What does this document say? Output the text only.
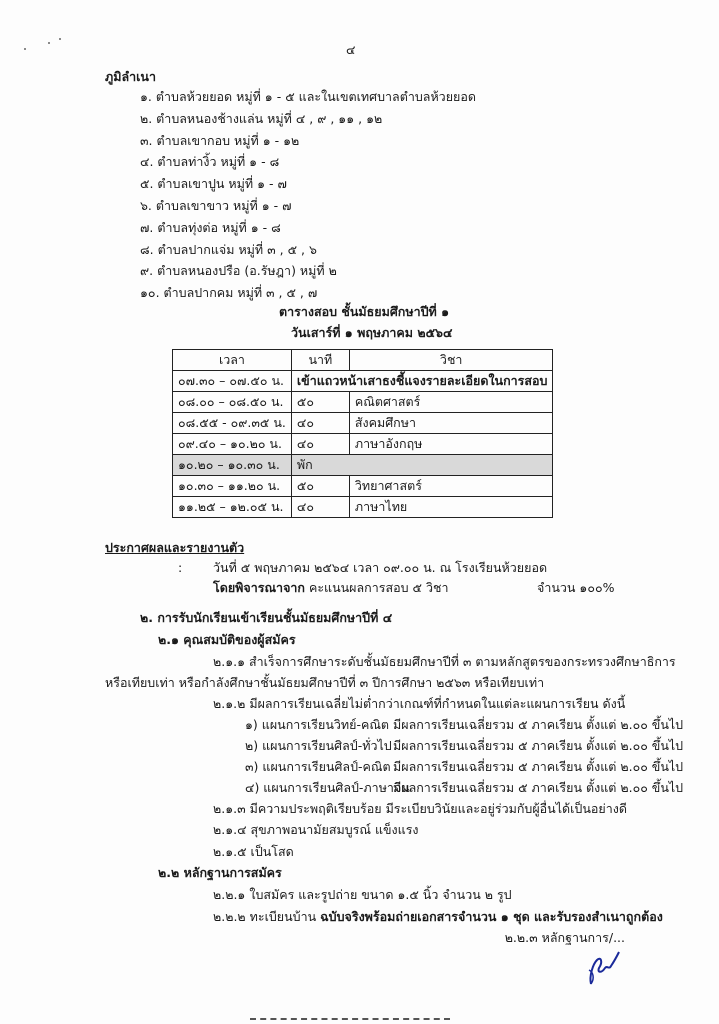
๔
ภูมิลำเนา
๑. ตำบลห้วยยอด หมู่ที่ ๑ - ๕ และในเขตเทศบาลตำบลห้วยยอด
๒. ตำบลหนองช้างแล่น หมู่ที่ ๔ , ๙ , ๑๑ , ๑๒
๓. ตำบลเขากอบ หมู่ที่ ๑ - ๑๒
๔. ตำบลท่างิ้ว หมู่ที่ ๑ - ๘
๕. ตำบลเขาปูน หมู่ที่ ๑ - ๗
๖. ตำบลเขาขาว หมู่ที่ ๑ - ๗
๗. ตำบลทุ่งต่อ หมู่ที่ ๑ - ๘
๘. ตำบลปากแจ่ม หมู่ที่ ๓ , ๕ , ๖
๙. ตำบลหนองปรือ (อ.รัษฎา) หมู่ที่ ๒
๑๐. ตำบลปากคม หมู่ที่ ๓ , ๕ , ๗
ตารางสอบ ชั้นมัธยมศึกษาปีที่ ๑
วันเสาร์ที่ ๑ พฤษภาคม ๒๕๖๔
เวลา	นาที	วิชา
๐๗.๓๐ – ๐๗.๕๐ น.	เข้าแถวหน้าเสาธงชี้แจงรายละเอียดในการสอบ	
๐๘.๐๐ – ๐๘.๕๐ น.	๕๐	คณิตศาสตร์
๐๘.๕๕ - ๐๙.๓๕ น.	๔๐	สังคมศึกษา
๐๙.๔๐ – ๑๐.๒๐ น.	๔๐	ภาษาอังกฤษ
๑๐.๒๐ – ๑๐.๓๐ น.	พัก	
๑๐.๓๐ – ๑๑.๒๐ น.	๕๐	วิทยาศาสตร์
๑๑.๒๕ – ๑๒.๐๕ น.	๔๐	ภาษาไทย
ประกาศผลและรายงานตัว
: วันที่ ๕ พฤษภาคม ๒๕๖๔ เวลา ๐๙.๐๐ น. ณ โรงเรียนห้วยยอด
โดยพิจารณาจาก คะแนนผลการสอบ ๕ วิชา	จำนวน ๑๐๐%
๒. การรับนักเรียนเข้าเรียนชั้นมัธยมศึกษาปีที่ ๔
๒.๑ คุณสมบัติของผู้สมัคร
๒.๑.๑ สำเร็จการศึกษาระดับชั้นมัธยมศึกษาปีที่ ๓ ตามหลักสูตรของกระทรวงศึกษาธิการ
หรือเทียบเท่า หรือกำลังศึกษาชั้นมัธยมศึกษาปีที่ ๓ ปีการศึกษา ๒๕๖๓ หรือเทียบเท่า
๒.๑.๒ มีผลการเรียนเฉลี่ยไม่ต่ำกว่าเกณฑ์ที่กำหนดในแต่ละแผนการเรียน ดังนี้
๑) แผนการเรียนวิทย์-คณิต มีผลการเรียนเฉลี่ยรวม ๕ ภาคเรียน ตั้งแต่ ๒.๐๐ ขึ้นไป
๒) แผนการเรียนศิลป์-ทั่วไป มีผลการเรียนเฉลี่ยรวม ๕ ภาคเรียน ตั้งแต่ ๒.๐๐ ขึ้นไป
๓) แผนการเรียนศิลป์-คณิต มีผลการเรียนเฉลี่ยรวม ๕ ภาคเรียน ตั้งแต่ ๒.๐๐ ขึ้นไป
๔) แผนการเรียนศิลป์-ภาษาจีน
มีผลการเรียนเฉลี่ยรวม ๕ ภาคเรียน ตั้งแต่ ๒.๐๐ ขึ้นไป
๒.๑.๓ มีความประพฤติเรียบร้อย มีระเบียบวินัยและอยู่ร่วมกับผู้อื่นได้เป็นอย่างดี
๒.๑.๔ สุขภาพอนามัยสมบูรณ์ แข็งแรง
๒.๑.๕ เป็นโสด
๒.๒ หลักฐานการสมัคร
๒.๒.๑ ใบสมัคร และรูปถ่าย ขนาด ๑.๕ นิ้ว จำนวน ๒ รูป
๒.๒.๒ ทะเบียนบ้าน ฉบับจริงพร้อมถ่ายเอกสารจำนวน ๑ ชุด และรับรองสำเนาถูกต้อง
๒.๒.๓ หลักฐานการ/...
